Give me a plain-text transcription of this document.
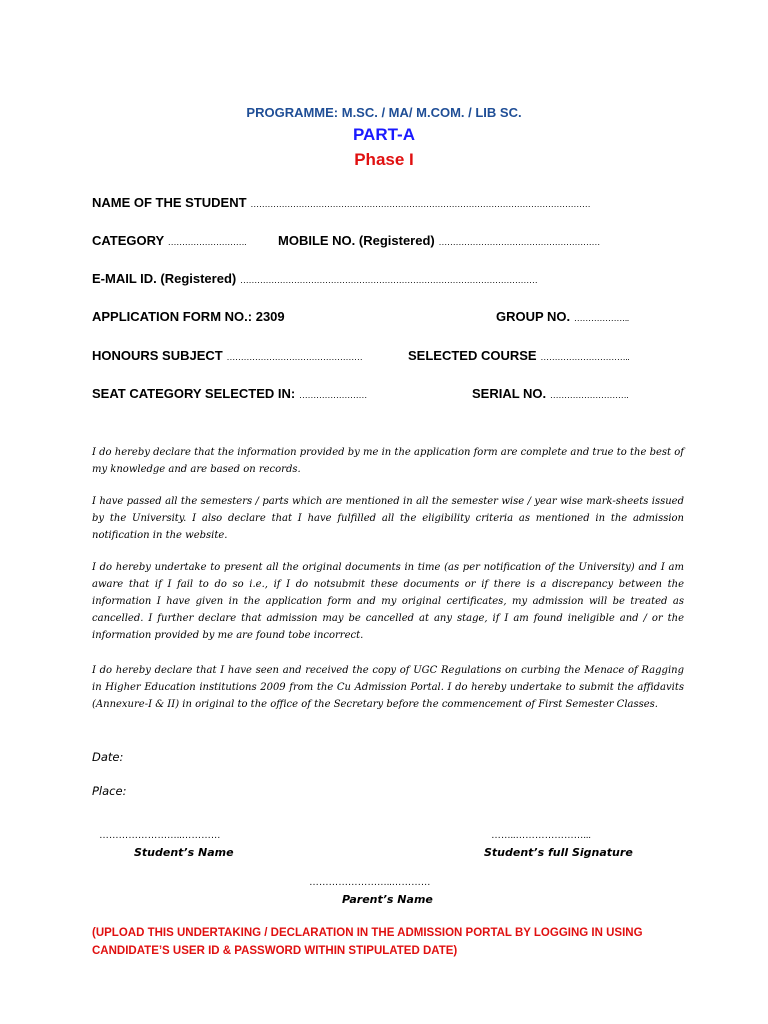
PROGRAMME: M.SC. / MA/ M.COM. / LIB SC.
PART-A
Phase I
NAME OF THE STUDENT …………………………………………………………………………………………………………
CATEGORY ………………………. MOBILE NO. (Registered) …………………………………………………
E-MAIL ID. (Registered) ……………………………………………………………………………………………
APPLICATION FORM NO.: 2309	GROUP NO. ………………..
HONOURS SUBJECT …………………………………………	SELECTED COURSE …………………………..
SEAT CATEGORY SELECTED IN: ……………………	SERIAL NO. ……………………….
I do hereby declare that the information provided by me in the application form are complete and true to the best of my knowledge and are based on records.
I have passed all the semesters / parts which are mentioned in all the semester wise / year wise mark-sheets issued by the University. I also declare that I have fulfilled all the eligibility criteria as mentioned in the admission notification in the website.
I do hereby undertake to present all the original documents in time (as per notification of the University) and I am aware that if I fail to do so i.e., if I do notsubmit these documents or if there is a discrepancy between the information I have given in the application form and my original certificates, my admission will be treated as cancelled. I further declare that admission may be cancelled at any stage, if I am found ineligible and / or the information provided by me are found tobe incorrect.
I do hereby declare that I have seen and received the copy of UGC Regulations on curbing the Menace of Ragging in Higher Education institutions 2009 from the Cu Admission Portal. I do hereby undertake to submit the affidavits (Annexure-I & II) in original to the office of the Secretary before the commencement of First Semester Classes.
Date:
Place:
……………………..…………
Student’s Name
……..…………………...
Student’s full Signature
……………………..…………
Parent’s Name
(UPLOAD THIS UNDERTAKING / DECLARATION IN THE ADMISSION PORTAL BY LOGGING IN USING CANDIDATE’S USER ID & PASSWORD WITHIN STIPULATED DATE)
